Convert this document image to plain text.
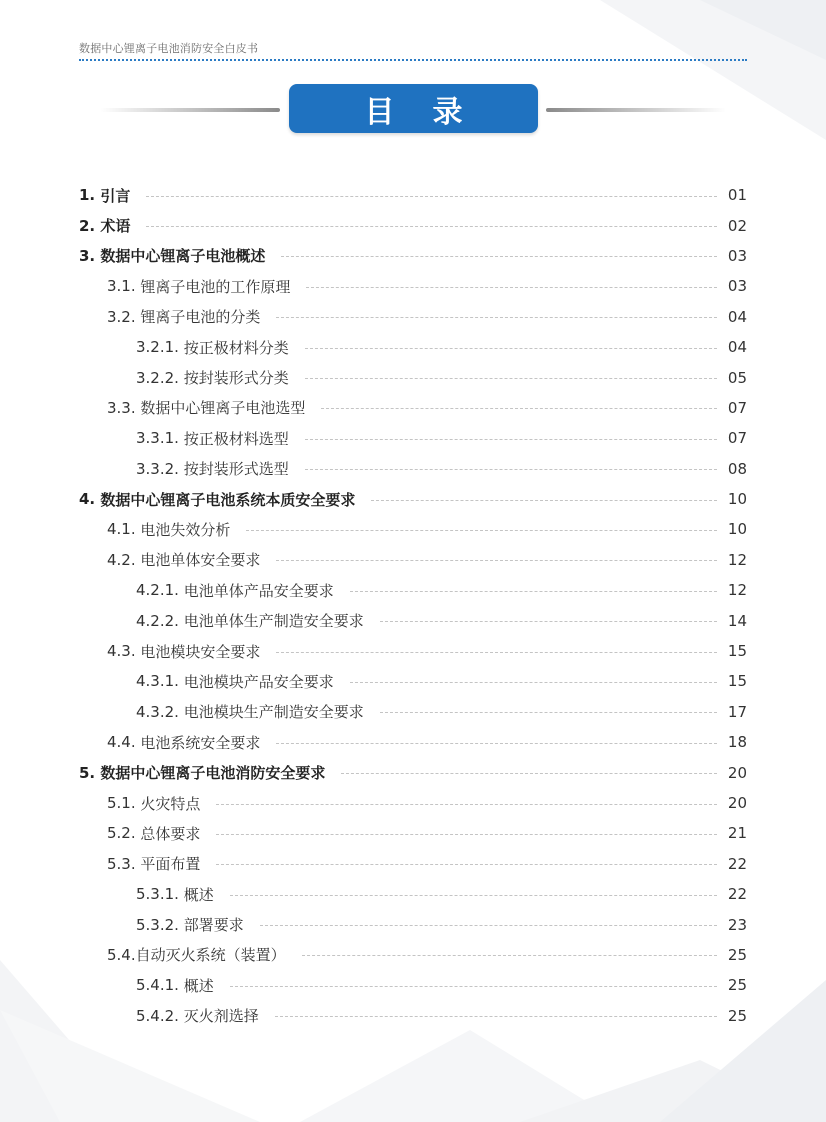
数据中心锂离子电池消防安全白皮书
目录
1. 引言	01
2. 术语	02
3. 数据中心锂离子电池概述	03
3.1. 锂离子电池的工作原理	03
3.2. 锂离子电池的分类	04
3.2.1. 按正极材料分类	04
3.2.2. 按封装形式分类	05
3.3. 数据中心锂离子电池选型	07
3.3.1. 按正极材料选型	07
3.3.2. 按封装形式选型	08
4. 数据中心锂离子电池系统本质安全要求	10
4.1. 电池失效分析	10
4.2. 电池单体安全要求	12
4.2.1. 电池单体产品安全要求	12
4.2.2. 电池单体生产制造安全要求	14
4.3. 电池模块安全要求	15
4.3.1. 电池模块产品安全要求	15
4.3.2. 电池模块生产制造安全要求	17
4.4. 电池系统安全要求	18
5. 数据中心锂离子电池消防安全要求	20
5.1. 火灾特点	20
5.2. 总体要求	21
5.3. 平面布置	22
5.3.1. 概述	22
5.3.2. 部署要求	23
5.4. 自动灭火系统（装置）	25
5.4.1. 概述	25
5.4.2. 灭火剂选择	25
